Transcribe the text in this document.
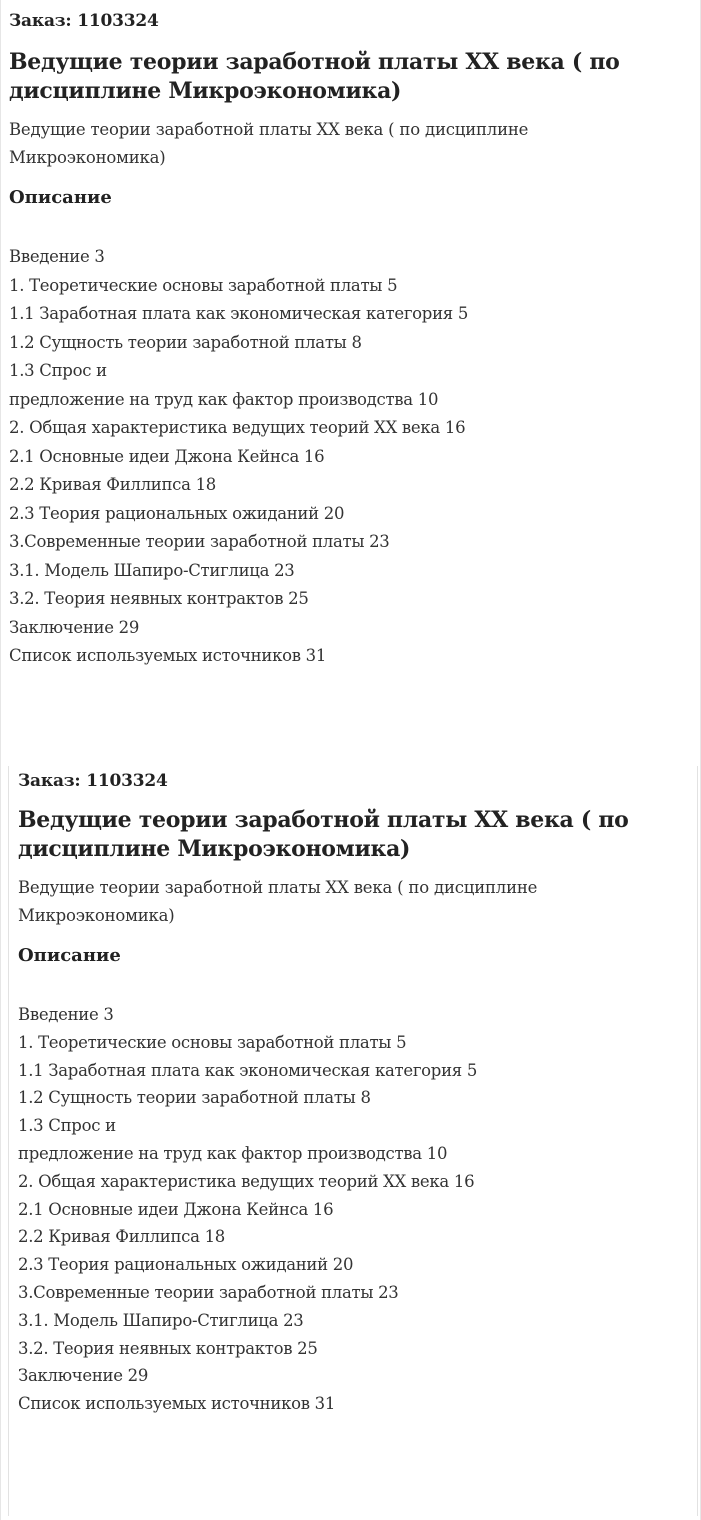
Заказ: 1103324
Ведущие теории заработной платы XX века ( по дисциплине Микроэкономика)

Ведущие теории заработной платы XX века ( по дисциплине Микроэкономика)

Описание
Введение 3
1. Теоретические основы заработной платы 5
1.1 Заработная плата как экономическая категория 5
1.2 Сущность теории заработной платы 8
1.3 Спрос и
предложение на труд как фактор производства 10
2. Общая характеристика ведущих теорий XX века 16
2.1 Основные идеи Джона Кейнса 16
2.2 Кривая Филлипса 18
2.3 Теория рациональных ожиданий 20
3.Современные теории заработной платы 23
3.1. Модель Шапиро-Стиглица 23
3.2. Теория неявных контрактов 25
Заключение 29
Список используемых источников 31
Заказ: 1103324
Ведущие теории заработной платы XX века ( по дисциплине Микроэкономика)

Ведущие теории заработной платы XX века ( по дисциплине Микроэкономика)

Описание
Введение 3
1. Теоретические основы заработной платы 5
1.1 Заработная плата как экономическая категория 5
1.2 Сущность теории заработной платы 8
1.3 Спрос и
предложение на труд как фактор производства 10
2. Общая характеристика ведущих теорий XX века 16
2.1 Основные идеи Джона Кейнса 16
2.2 Кривая Филлипса 18
2.3 Теория рациональных ожиданий 20
3.Современные теории заработной платы 23
3.1. Модель Шапиро-Стиглица 23
3.2. Теория неявных контрактов 25
Заключение 29
Список используемых источников 31
